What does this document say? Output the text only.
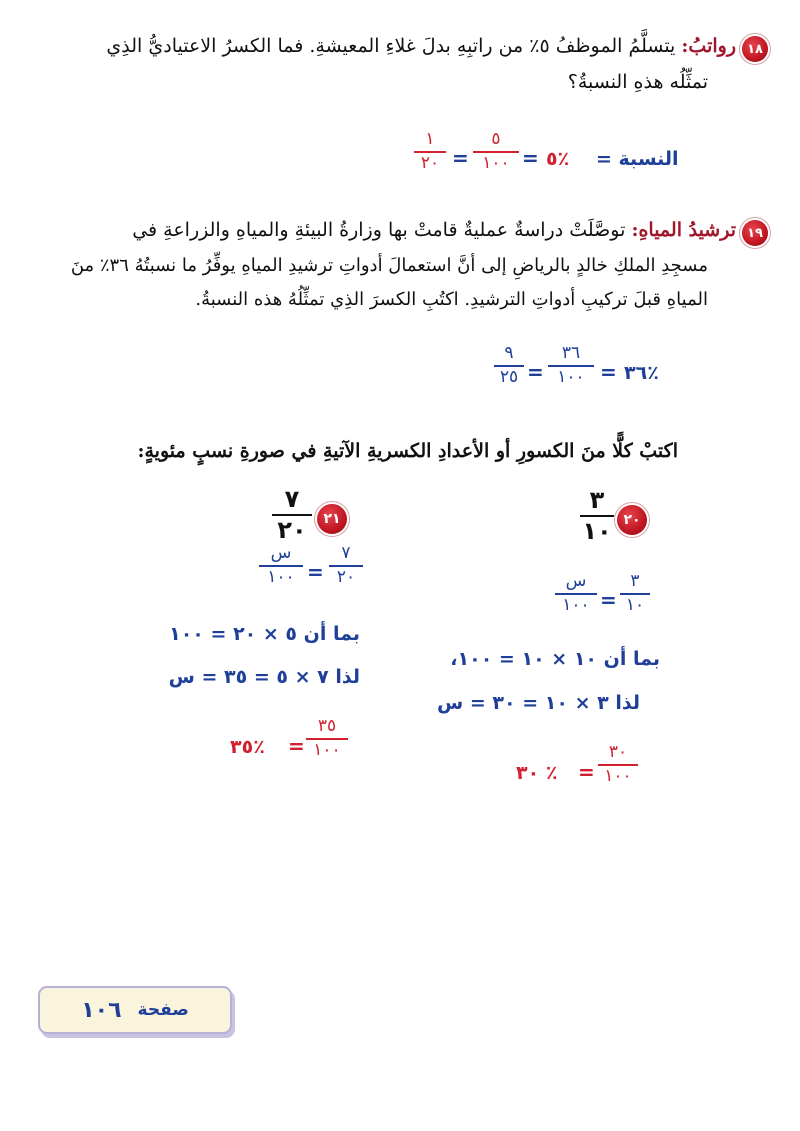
١٨
رواتبُ: يتسلَّمُ الموظفُ ٥٪ من راتبِهِ بدلَ غلاءِ المعيشةِ. فما الكسرُ الاعتياديُّ الذِي
تمثِّلُه هذهِ النسبةُ؟
النسبة =
٥٪
=
٥
١٠٠
=
١
٢٠
١٩
ترشيدُ المياهِ: توصَّلَتْ دراسةٌ عمليةٌ قامتْ بها وزارةُ البيئةِ والمياهِ والزراعةِ في
مسجِدِ الملكِ خالدٍ بالرياضِ إلى أنَّ استعمالَ أدواتِ ترشيدِ المياهِ يوفِّرُ ما نسبتُهُ ٣٦٪ منَ
المياهِ قبلَ تركيبِ أدواتِ الترشيدِ. اكتُبِ الكسرَ الذِي تمثِّلُهُ هذه النسبةُ.
٣٦٪
=
٣٦
١٠٠
=
٩
٢٥
اكتبْ كلًّا منَ الكسورِ أو الأعدادِ الكسريةِ الآتيةِ في صورةِ نسبٍ مئويةٍ:
٢٠
٣
١٠
٣
١٠
=
س
١٠٠
بما أن ١٠ × ١٠ = ١٠٠،
لذا ٣ × ١٠ = ٣٠ = س
٣٠ ٪ =
٣٠
١٠٠
٢١
٧
٢٠
٧
٢٠
=
س
١٠٠
بما أن ٥ × ٢٠ = ١٠٠
لذا ٧ × ٥ = ٣٥ = س
٣٥٪ =
٣٥
١٠٠
صفحة
١٠٦
